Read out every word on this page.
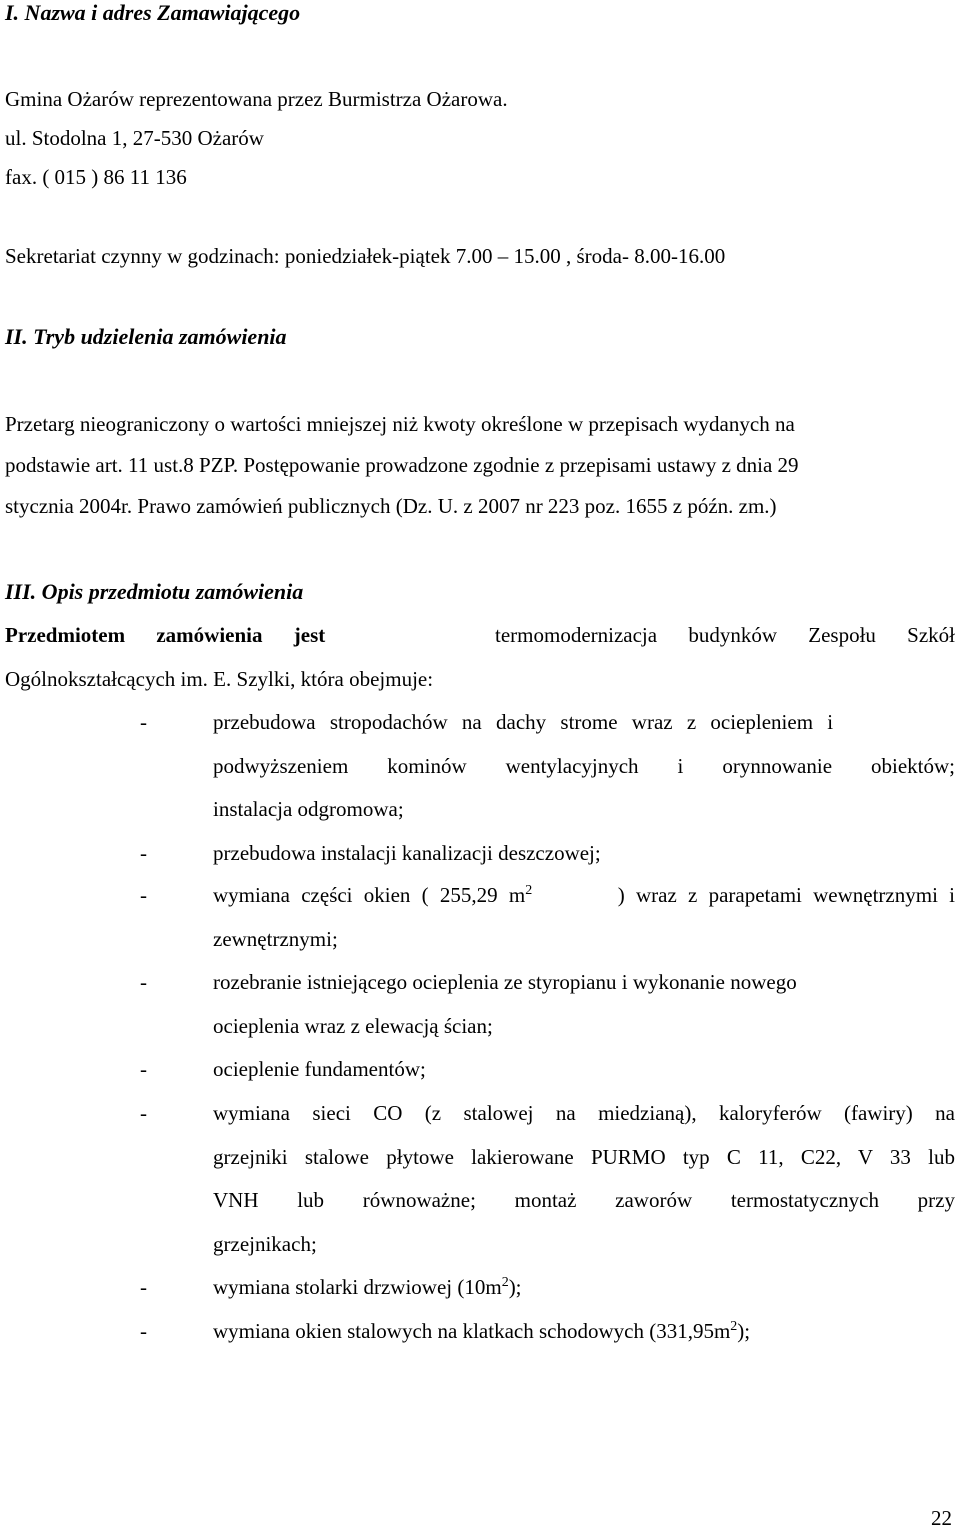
I. Nazwa i adres Zamawiającego
Gmina Ożarów reprezentowana przez Burmistrza Ożarowa.
ul. Stodolna 1, 27-530 Ożarów
fax. ( 015 ) 86 11 136
Sekretariat czynny w godzinach: poniedziałek-piątek 7.00 – 15.00 , środa- 8.00-16.00
II. Tryb udzielenia zamówienia
Przetarg nieograniczony o wartości mniejszej niż kwoty określone w przepisach wydanych na
podstawie art. 11 ust.8 PZP. Postępowanie prowadzone zgodnie z przepisami ustawy z dnia 29
stycznia 2004r. Prawo zamówień publicznych (Dz. U. z 2007 nr 223 poz. 1655 z późn. zm.)
III. Opis przedmiotu zamówienia
Przedmiotem zamówienia jest	termomodernizacja budynków Zespołu Szkół
Ogólnokształcących im. E. Szylki, która obejmuje:
-	przebudowa stropodachów na dachy strome wraz z ociepleniem i
podwyższeniem kominów wentylacyjnych i orynnowanie obiektów;
instalacja odgromowa;
-	przebudowa instalacji kanalizacji deszczowej;
-	wymiana części okien ( 255,29 $m^2$	) wraz z parapetami wewnętrznymi i
zewnętrznymi;
-	rozebranie istniejącego ocieplenia ze styropianu i wykonanie nowego
ocieplenia wraz z elewacją ścian;
-	ocieplenie fundamentów;
-	wymiana sieci CO (z stalowej na miedzianą), kaloryferów (fawiry) na
grzejniki stalowe płytowe lakierowane PURMO typ C 11, C22, V 33 lub
VNH lub równoważne; montaż zaworów termostatycznych przy
grzejnikach;
-	wymiana stolarki drzwiowej $(10m^2)$;
-	wymiana okien stalowych na klatkach schodowych $(331,95m^2)$;
22
